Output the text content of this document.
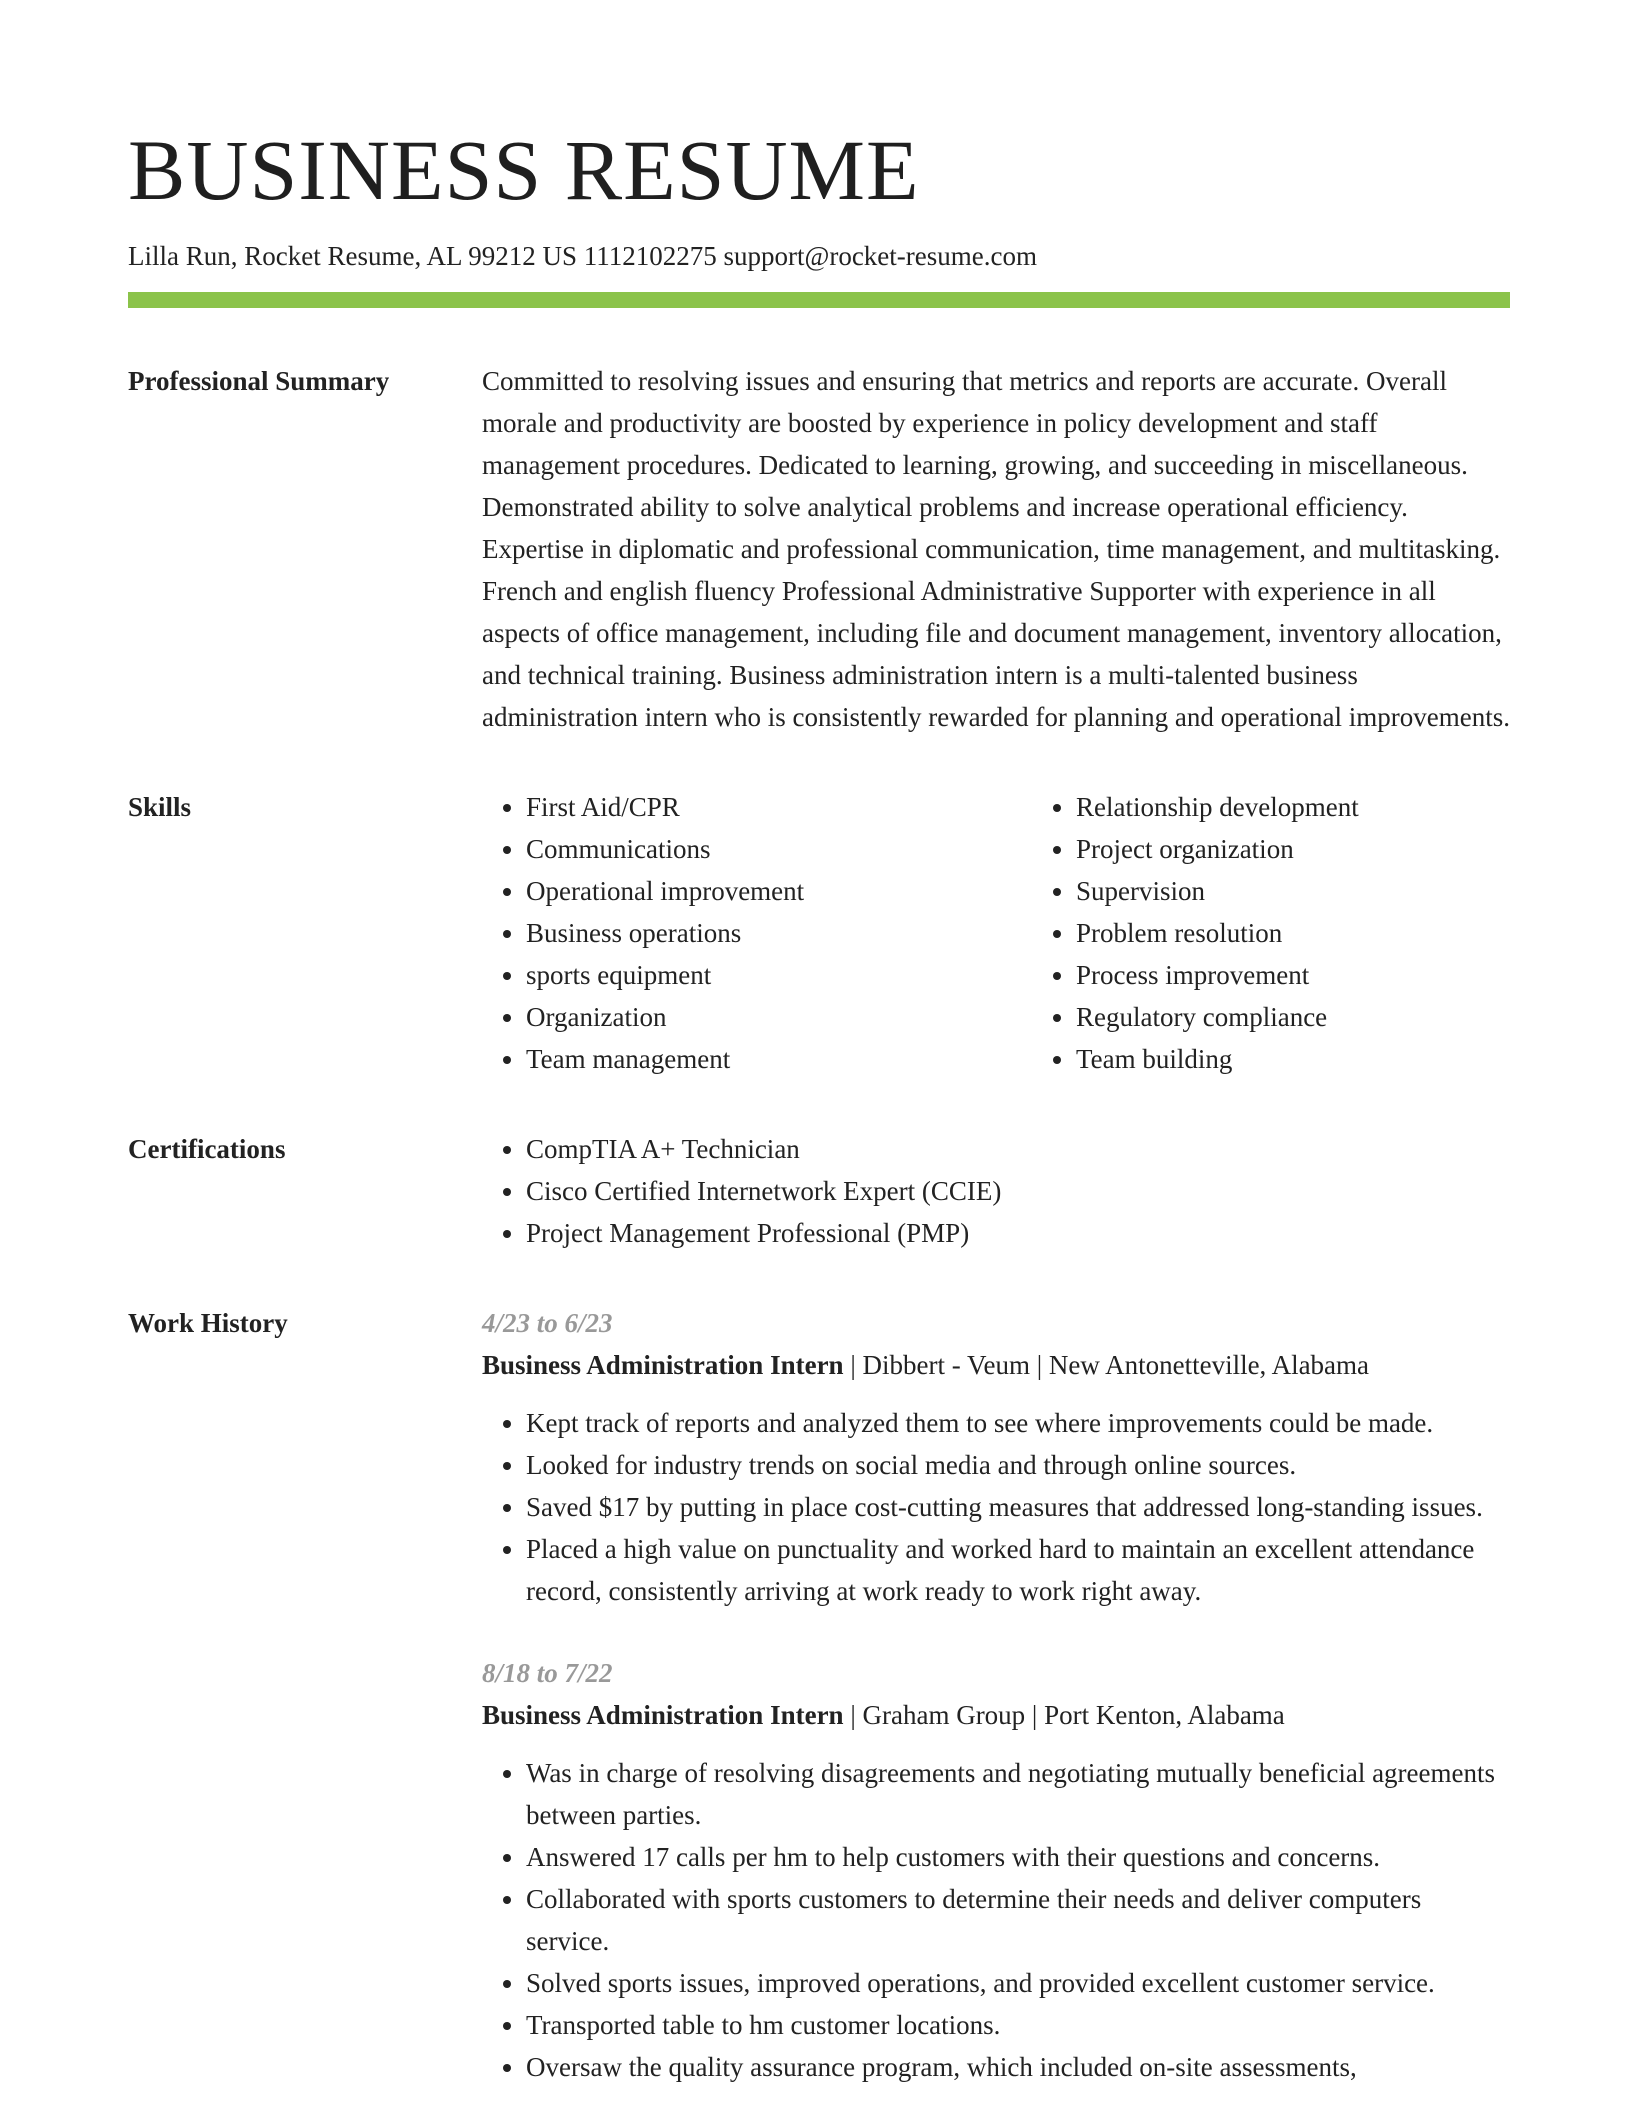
BUSINESS RESUME
Lilla Run, Rocket Resume, AL 99212 US 1112102275 support@rocket-resume.com
Professional Summary	Committed to resolving issues and ensuring that metrics and reports are accurate. Overall morale and productivity are boosted by experience in policy development and staff management procedures. Dedicated to learning, growing, and succeeding in miscellaneous. Demonstrated ability to solve analytical problems and increase operational efficiency. Expertise in diplomatic and professional communication, time management, and multitasking. French and english fluency Professional Administrative Supporter with experience in all aspects of office management, including file and document management, inventory allocation, and technical training. Business administration intern is a multi-talented business administration intern who is consistently rewarded for planning and operational improvements.

Skills	• First Aid/CPR
• Communications
• Operational improvement
• Business operations
• sports equipment
• Organization
• Team management
• Relationship development
• Project organization
• Supervision
• Problem resolution
• Process improvement
• Regulatory compliance
• Team building
Certifications	• CompTIA A+ Technician
• Cisco Certified Internetwork Expert (CCIE)
• Project Management Professional (PMP)
Work History	4/23 to 6/23
Business Administration Intern | Dibbert - Veum | New Antonetteville, Alabama
• Kept track of reports and analyzed them to see where improvements could be made.
• Looked for industry trends on social media and through online sources.
• Saved $17 by putting in place cost-cutting measures that addressed long-standing issues.
• Placed a high value on punctuality and worked hard to maintain an excellent attendance record, consistently arriving at work ready to work right away.
8/18 to 7/22
Business Administration Intern | Graham Group | Port Kenton, Alabama
• Was in charge of resolving disagreements and negotiating mutually beneficial agreements between parties.
• Answered 17 calls per hm to help customers with their questions and concerns.
• Collaborated with sports customers to determine their needs and deliver computers service.
• Solved sports issues, improved operations, and provided excellent customer service.
• Transported table to hm customer locations.
• Oversaw the quality assurance program, which included on-site assessments,
